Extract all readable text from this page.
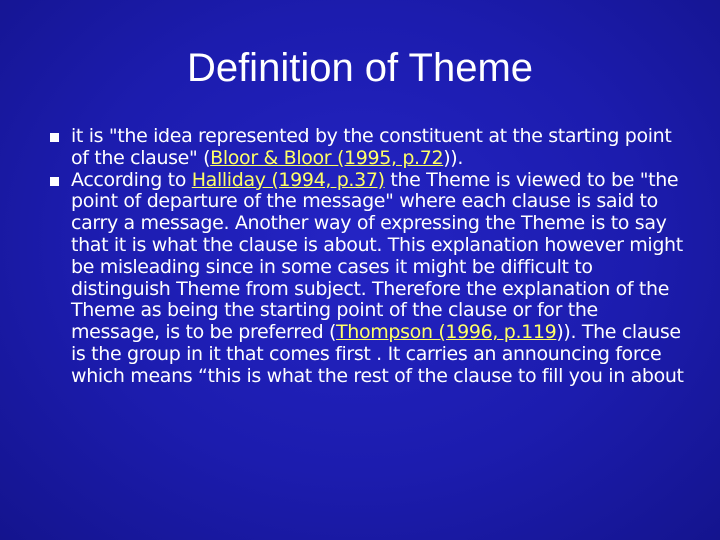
Definition of Theme
it is "the idea represented by the constituent at the starting point of the clause" (Bloor & Bloor (1995, p.72)).
According to Halliday (1994, p.37) the Theme is viewed to be "the point of departure of the message" where each clause is said to carry a message. Another way of expressing the Theme is to say that it is what the clause is about. This explanation however might be misleading since in some cases it might be difficult to distinguish Theme from subject. Therefore the explanation of the Theme as being the starting point of the clause or for the message, is to be preferred (Thompson (1996, p.119)). The clause is the group in it that comes first . It carries an announcing force which means “this is what the rest of the clause to fill you in about
